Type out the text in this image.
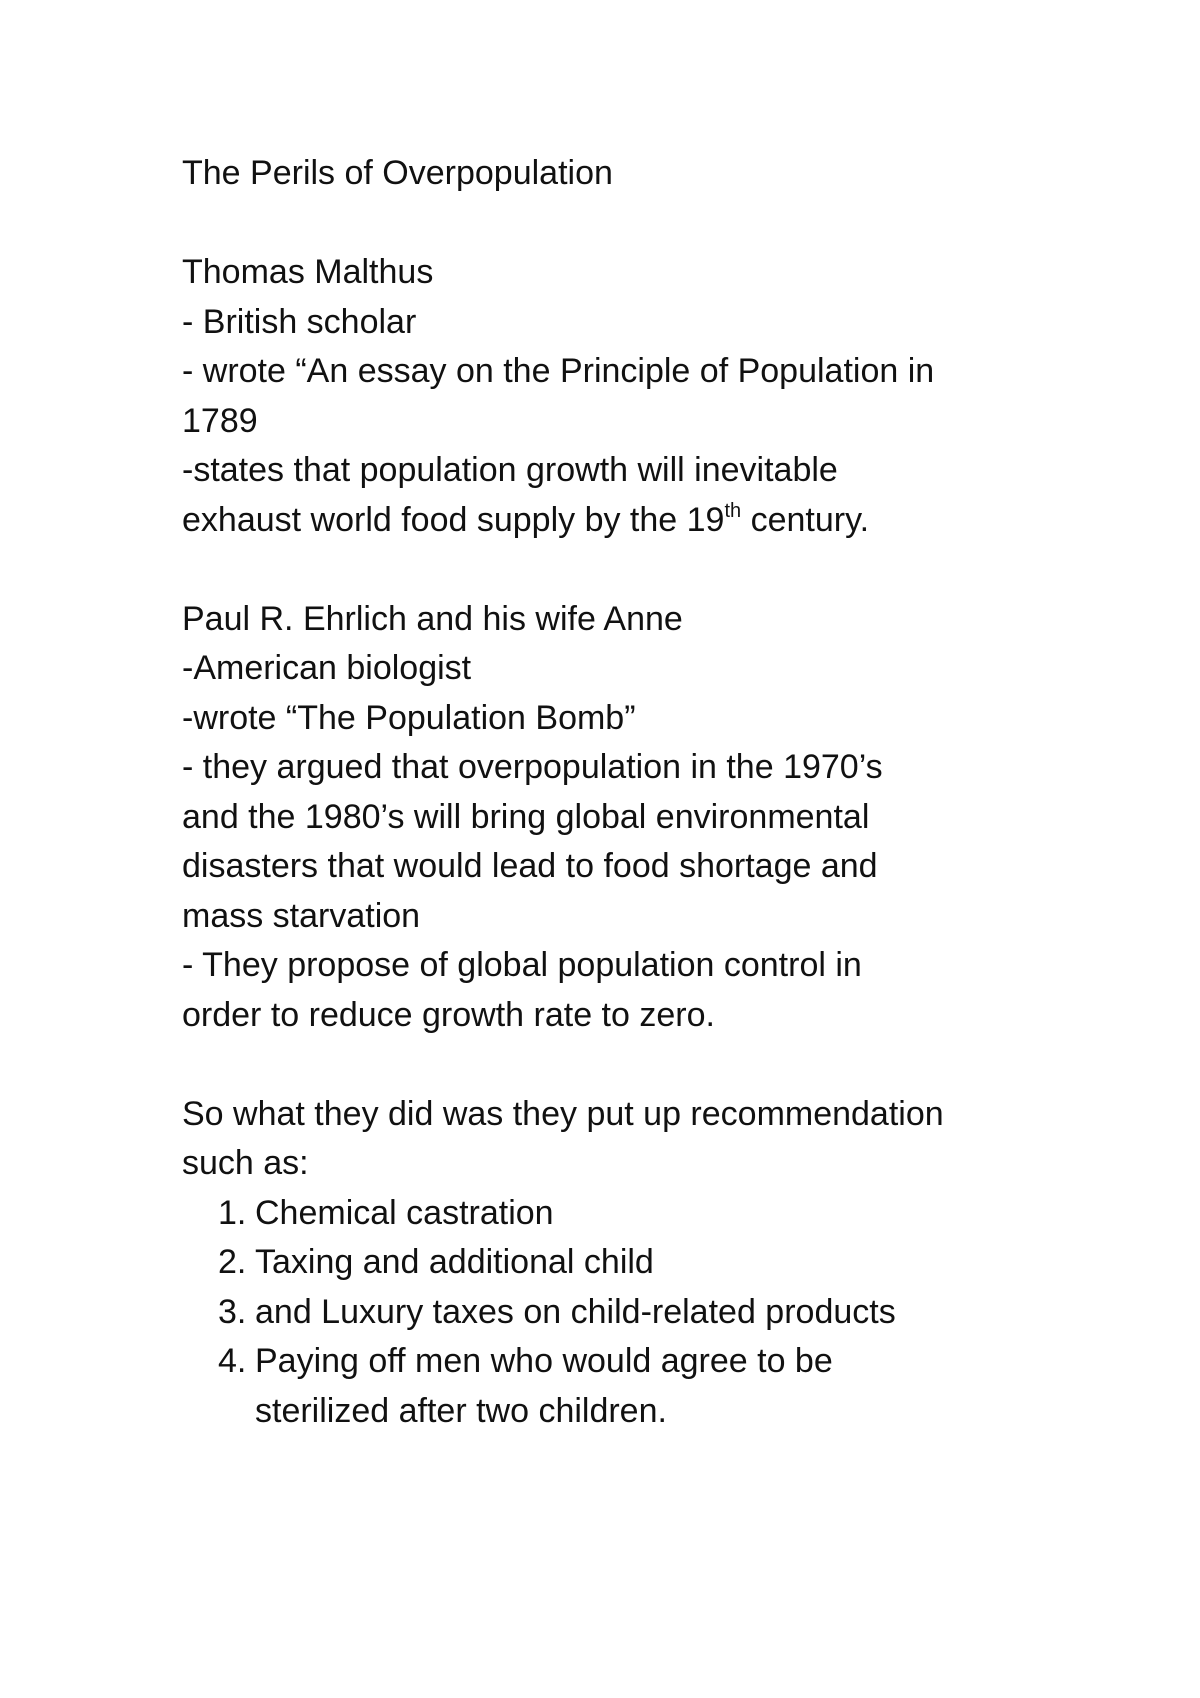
The Perils of Overpopulation
Thomas Malthus
- British scholar
- wrote “An essay on the Principle of Population in
1789
-states that population growth will inevitable
exhaust world food supply by the 19th century.
Paul R. Ehrlich and his wife Anne
-American biologist
-wrote “The Population Bomb”
- they argued that overpopulation in the 1970’s
and the 1980’s will bring global environmental
disasters that would lead to food shortage and
mass starvation
- They propose of global population control in
order to reduce growth rate to zero.
So what they did was they put up recommendation
such as:
1. Chemical castration
2. Taxing and additional child
3. and Luxury taxes on child-related products
4. Paying off men who would agree to be
sterilized after two children.
